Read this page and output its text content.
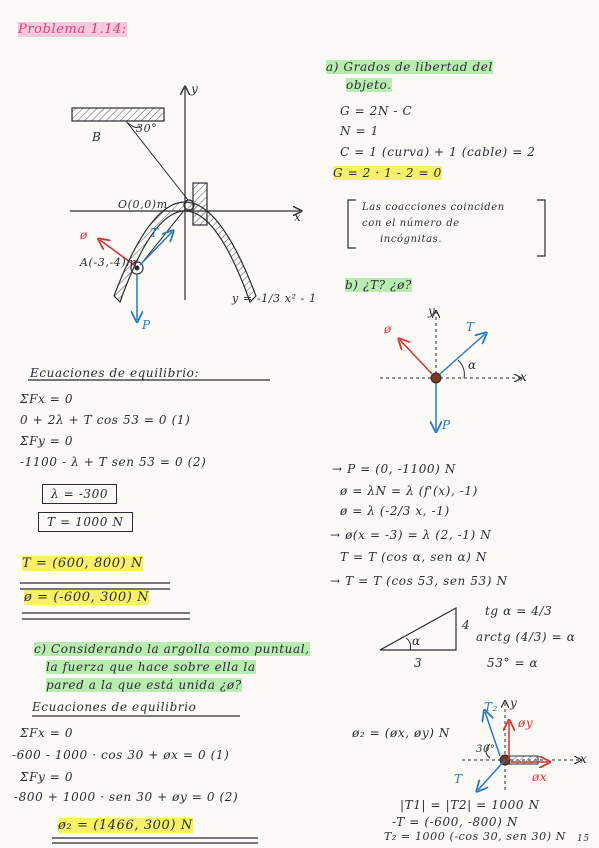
Problema 1.14:
B
30°
y
x
O(0,0)m
T
ø
P
A(-3,-4)m
y = -1/3 x² - 1
a) Grados de libertad del
objeto.
G = 2N - C
N = 1
C = 1 (curva) + 1 (cable) = 2
G = 2 · 1 - 2 = 0
Las coacciones coinciden
con el número de
incógnitas.
b) ¿T? ¿ø?
ø	T
P
α
x
y
→ P = (0, -1100) N
ø = λN = λ (f'(x), -1)
ø = λ (-2/3 x, -1)
→ ø(x = -3) = λ (2, -1) N
T = T (cos α, sen α) N
→ T = T (cos 53, sen 53) N
4
3
α
tg α = 4/3
arctg (4/3) = α
53° = α
Ecuaciones de equilibrio:
ΣFx = 0
0 + 2λ + T cos 53 = 0 (1)
ΣFy = 0
-1100 - λ + T sen 53 = 0 (2)
λ = -300
T = 1000 N
T = (600, 800) N
ø = (-600, 300) N
c) Considerando la argolla como puntual,
la fuerza que hace sobre ella la
pared a la que está unida ¿ø?
Ecuaciones de equilibrio
ΣFx = 0
-600 - 1000 · cos 30 + øx = 0 (1)
ΣFy = 0
-800 + 1000 · sen 30 + øy = 0 (2)
ø₂ = (1466, 300) N
ø₂ = (øx, øy) N
T₂
øy
øx
T
30°
x
y
|T1| = |T2| = 1000 N
-T = (-600, -800) N
T₂ = 1000 (-cos 30, sen 30) N 15
